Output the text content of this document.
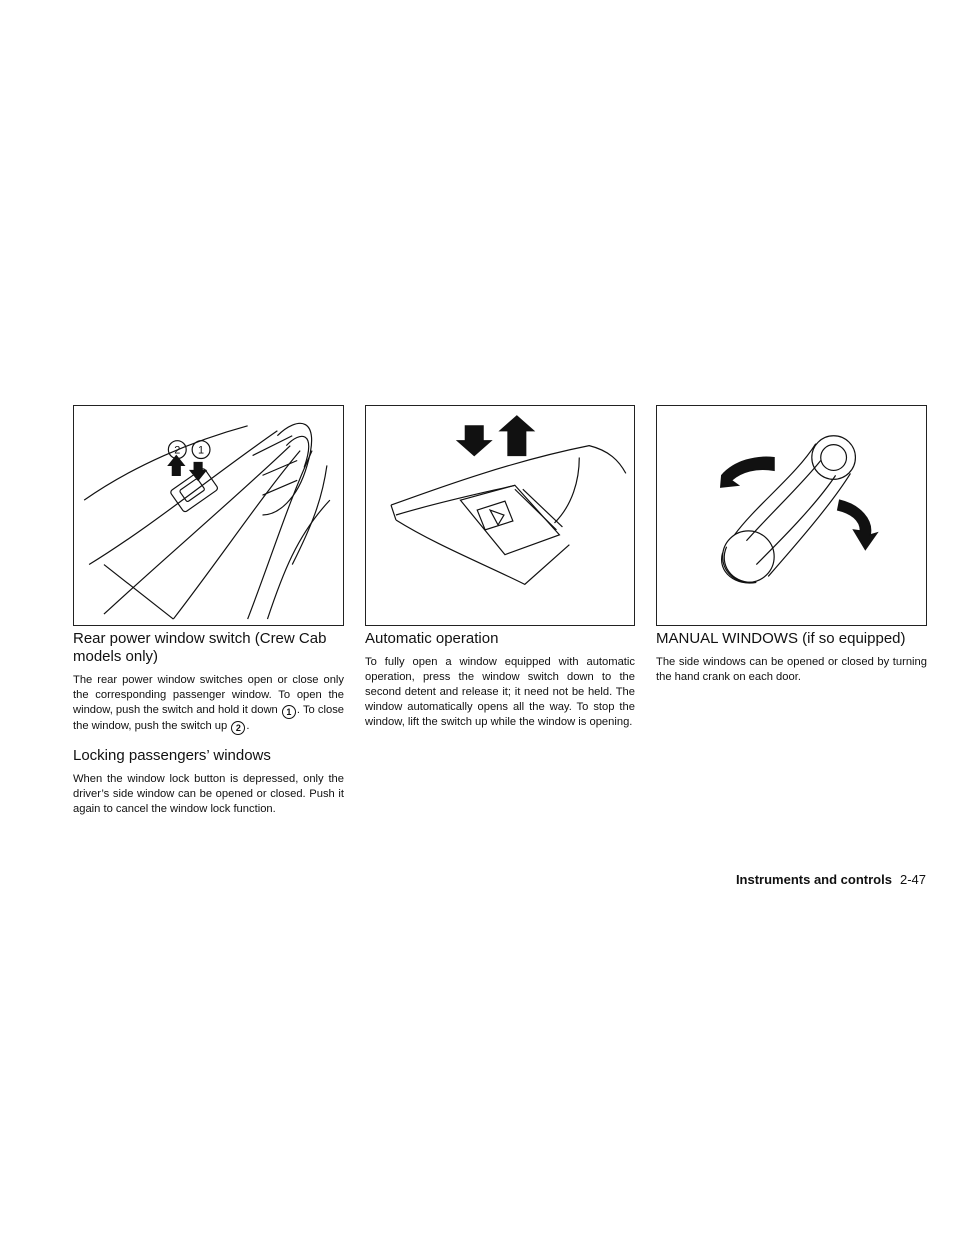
2 1
Rear power window switch (Crew Cab models only)

The rear power window switches open or close only the corresponding passenger window. To open the window, push the switch and hold it down 1 . To close the window, push the switch up 2 .

Locking passengers’ windows

When the window lock button is depressed, only the driver’s side window can be opened or closed. Push it again to cancel the window lock function.

Automatic operation

To fully open a window equipped with automatic operation, press the window switch down to the second detent and release it; it need not be held. The window automatically opens all the way. To stop the window, lift the switch up while the window is opening.

MANUAL WINDOWS (if so equipped)

The side windows can be opened or closed by turning the hand crank on each door.

Instruments and controls 2-47
